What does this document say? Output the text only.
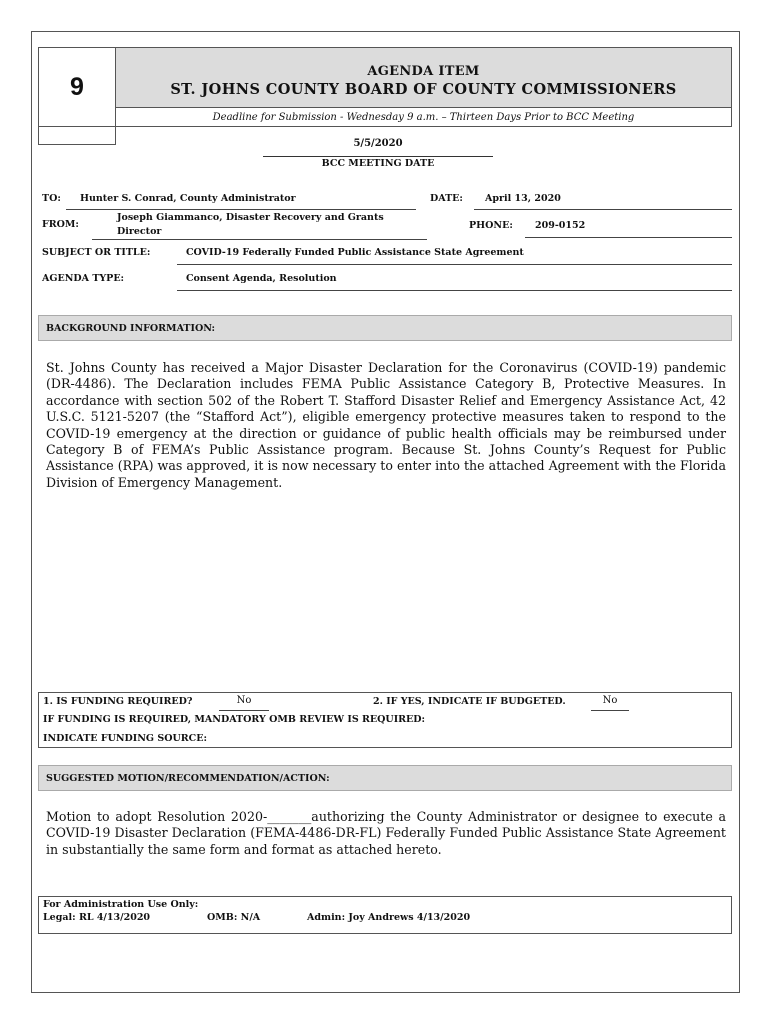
9
AGENDA ITEM
ST. JOHNS COUNTY BOARD OF COUNTY COMMISSIONERS
Deadline for Submission - Wednesday 9 a.m. – Thirteen Days Prior to BCC Meeting
5/5/2020
BCC MEETING DATE
TO: Hunter S. Conrad, County Administrator	DATE: April 13, 2020
FROM:
Joseph Giammanco, Disaster Recovery and Grants
Director
PHONE: 209-0152
SUBJECT OR TITLE:	COVID-19 Federally Funded Public Assistance State Agreement
AGENDA TYPE:	Consent Agenda, Resolution
BACKGROUND INFORMATION:
St. Johns County has received a Major Disaster Declaration for the Coronavirus (COVID-19) pandemic (DR-4486). The Declaration includes FEMA Public Assistance Category B, Protective Measures. In accordance with section 502 of the Robert T. Stafford Disaster Relief and Emergency Assistance Act, 42 U.S.C. 5121-5207 (the “Stafford Act”), eligible emergency protective measures taken to respond to the COVID-19 emergency at the direction or guidance of public health officials may be reimbursed under Category B of FEMA’s Public Assistance program. Because St. Johns County’s Request for Public Assistance (RPA) was approved, it is now necessary to enter into the attached Agreement with the Florida Division of Emergency Management.
1. IS FUNDING REQUIRED?	No	2. IF YES, INDICATE IF BUDGETED.	No
IF FUNDING IS REQUIRED, MANDATORY OMB REVIEW IS REQUIRED:
INDICATE FUNDING SOURCE:
SUGGESTED MOTION/RECOMMENDATION/ACTION:
Motion to adopt Resolution 2020-_______authorizing the County Administrator or designee to execute a COVID-19 Disaster Declaration (FEMA-4486-DR-FL) Federally Funded Public Assistance State Agreement in substantially the same form and format as attached hereto.
For Administration Use Only:
Legal: RL 4/13/2020	OMB: N/A	Admin: Joy Andrews 4/13/2020
